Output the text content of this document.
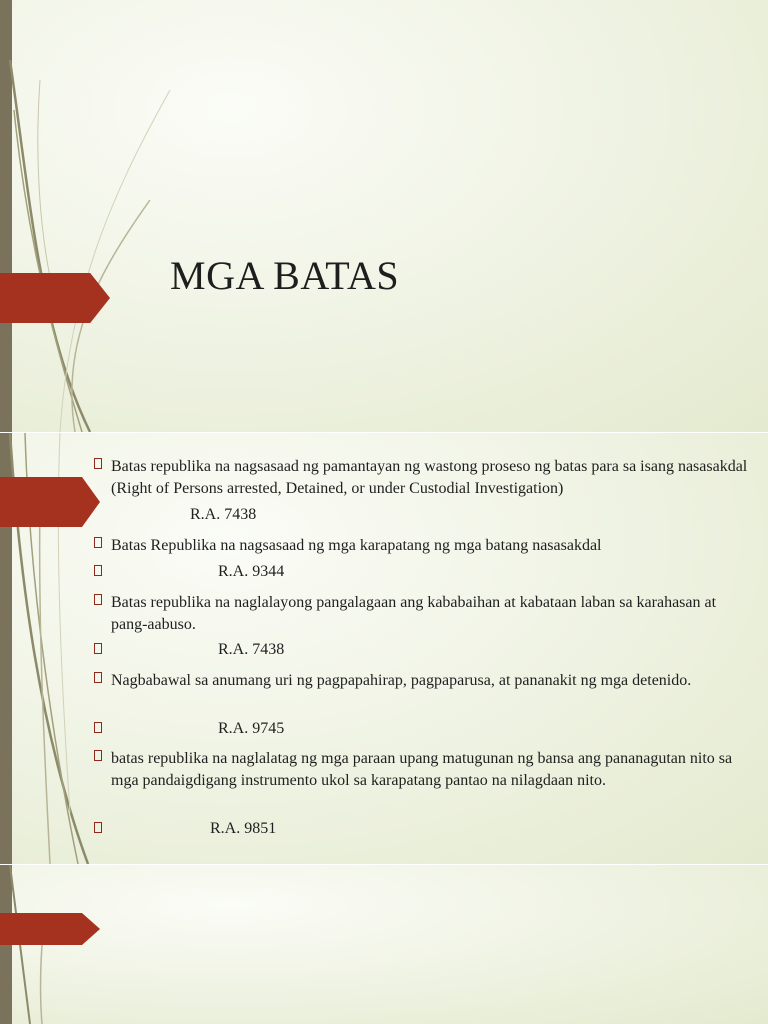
MGA BATAS

Batas republika na nagsasaad ng pamantayan ng wastong proseso ng batas para sa isang nasasakdal (Right of Persons arrested, Detained, or under Custodial Investigation)

R.A. 7438

Batas Republika na nagsasaad ng mga karapatang ng mga batang nasasakdal

R.A. 9344

Batas republika na naglalayong pangalagaan ang kababaihan at kabataan laban sa karahasan at pang-aabuso.

R.A. 7438

Nagbabawal sa anumang uri ng pagpapahirap, pagpaparusa, at pananakit ng mga detenido.

R.A. 9745

batas republika na naglalatag ng mga paraan upang matugunan ng bansa ang pananagutan nito sa mga pandaigdigang instrumento ukol sa karapatang pantao na nilagdaan nito.

R.A. 9851
